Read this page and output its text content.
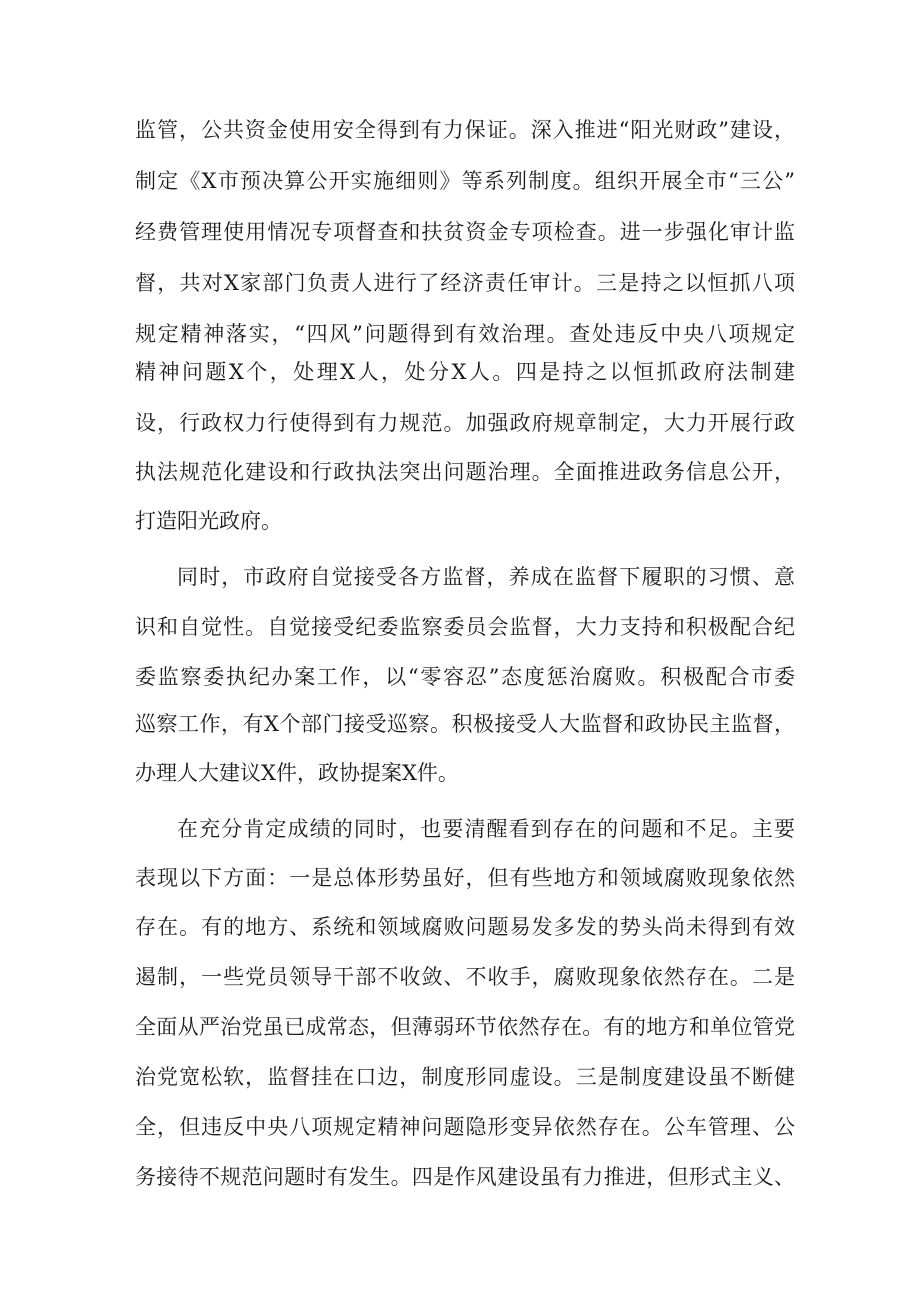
监管，公共资金使用安全得到有力保证。深入推进“阳光财政”建设，
制定《X市预决算公开实施细则》等系列制度。组织开展全市“三公”
经费管理使用情况专项督查和扶贫资金专项检查。进一步强化审计监
督，共对X家部门负责人进行了经济责任审计。三是持之以恒抓八项
规定精神落实，“四风”问题得到有效治理。查处违反中央八项规定
精神问题X个，处理X人，处分X人。四是持之以恒抓政府法制建
设，行政权力行使得到有力规范。加强政府规章制定，大力开展行政
执法规范化建设和行政执法突出问题治理。全面推进政务信息公开，
打造阳光政府。
同时，市政府自觉接受各方监督，养成在监督下履职的习惯、意
识和自觉性。自觉接受纪委监察委员会监督，大力支持和积极配合纪
委监察委执纪办案工作，以“零容忍”态度惩治腐败。积极配合市委
巡察工作，有X个部门接受巡察。积极接受人大监督和政协民主监督，
办理人大建议X件，政协提案X件。
在充分肯定成绩的同时，也要清醒看到存在的问题和不足。主要
表现以下方面：一是总体形势虽好，但有些地方和领域腐败现象依然
存在。有的地方、系统和领域腐败问题易发多发的势头尚未得到有效
遏制，一些党员领导干部不收敛、不收手，腐败现象依然存在。二是
全面从严治党虽已成常态，但薄弱环节依然存在。有的地方和单位管党
治党宽松软，监督挂在口边，制度形同虚设。三是制度建设虽不断健
全，但违反中央八项规定精神问题隐形变异依然存在。公车管理、公
务接待不规范问题时有发生。四是作风建设虽有力推进，但形式主义、
